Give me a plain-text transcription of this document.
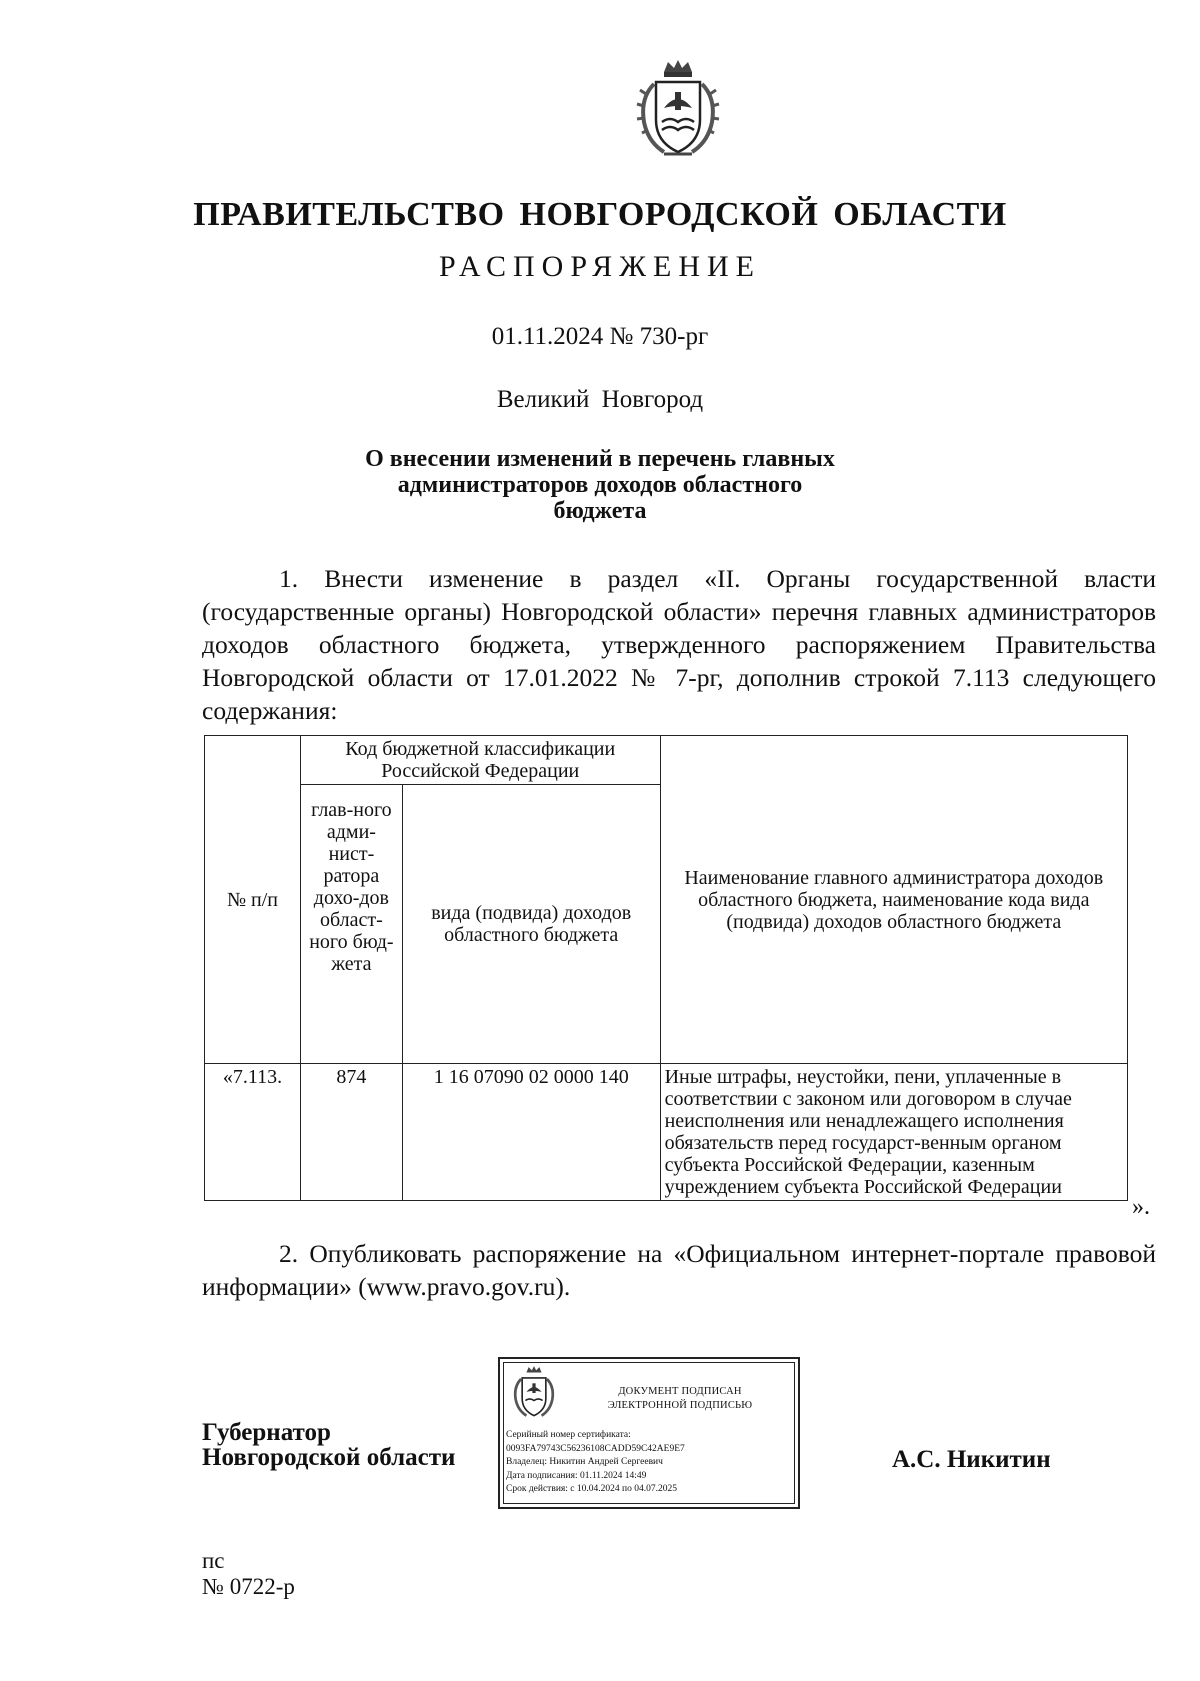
ПРАВИТЕЛЬСТВО НОВГОРОДСКОЙ ОБЛАСТИ
РАСПОРЯЖЕНИЕ
01.11.2024 № 730-рг
Великий Новгород
О внесении изменений в перечень главных
администраторов доходов областного бюджета
1. Внести изменение в раздел «II. Органы государственной власти (государственные органы) Новгородской области» перечня главных администраторов доходов областного бюджета, утвержденного распоряжением Правительства Новгородской области от 17.01.2022 № 7-рг, дополнив строкой 7.113 следующего содержания:
№ п/п	Код бюджетной классификации Российской Федерации		Наименование главного администратора доходов областного бюджета, наименование кода вида (подвида) доходов областного бюджета
	глав-ного адми-нист-ратора дохо-дов област-ного бюд-жета	вида (подвида) доходов областного бюджета	
«7.113.	874	1 16 07090 02 0000 140	Иные штрафы, неустойки, пени, уплаченные в соответствии с законом или договором в случае неисполнения или ненадлежащего исполнения обязательств перед государст-венным органом субъекта Российской Федерации, казенным учреждением субъекта Российской Федерации
».
2. Опубликовать распоряжение на «Официальном интернет-портале правовой информации» (www.pravo.gov.ru).
Губернатор
Новгородской области
ДОКУМЕНТ ПОДПИСАН
ЭЛЕКТРОННОЙ ПОДПИСЬЮ
Серийный номер сертификата:
0093FA79743C56236108CADD59C42AE9E7
Владелец: Никитин Андрей Сергеевич
Дата подписания: 01.11.2024 14:49
Срок действия: с 10.04.2024 по 04.07.2025
А.С. Никитин
пс
№ 0722-р
